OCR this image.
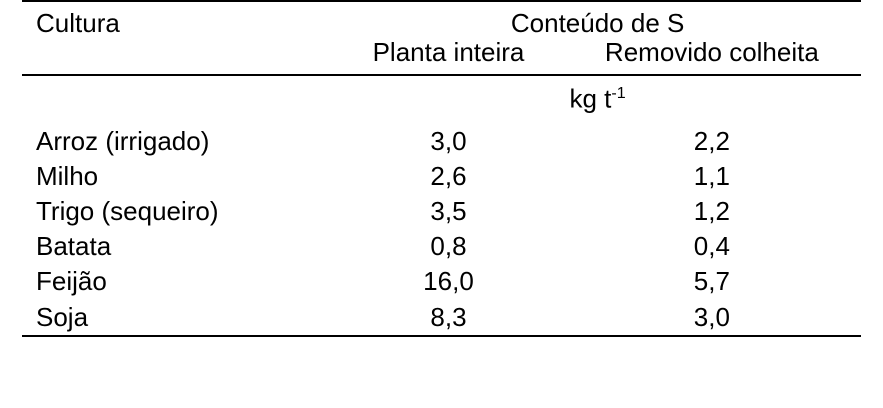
Cultura	Conteúdo de S	
	Planta inteira	Removido colheita
	kg $t^{-1}$
Arroz (irrigado)	3,0	2,2
Milho	2,6	1,1
Trigo (sequeiro)	3,5	1,2
Batata	0,8	0,4
Feijão	16,0	5,7
Soja	8,3	3,0
